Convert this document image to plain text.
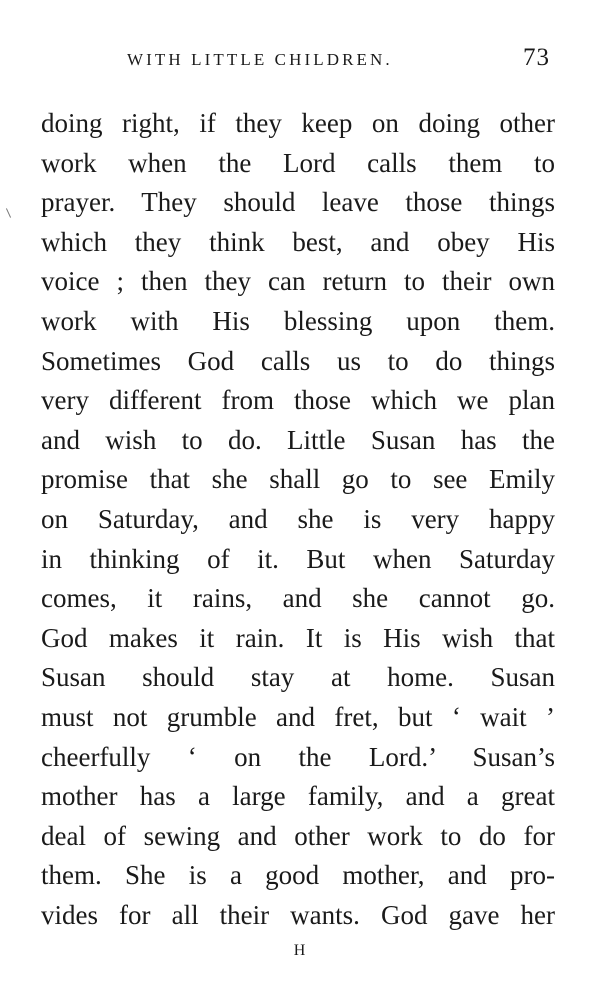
WITH LITTLE CHILDREN.	73
doing right, if they keep on doing other
work when the Lord calls them to
prayer. They should leave those things
which they think best, and obey His
voice ; then they can return to their own
work with His blessing upon them.
Sometimes God calls us to do things
very different from those which we plan
and wish to do. Little Susan has the
promise that she shall go to see Emily
on Saturday, and she is very happy
in thinking of it. But when Saturday
comes, it rains, and she cannot go.
God makes it rain. It is His wish that
Susan should stay at home. Susan
must not grumble and fret, but ‘ wait ’
cheerfully ‘ on the Lord.’ Susan’s
mother has a large family, and a great
deal of sewing and other work to do for
them. She is a good mother, and pro-
vides for all their wants. God gave her
H
